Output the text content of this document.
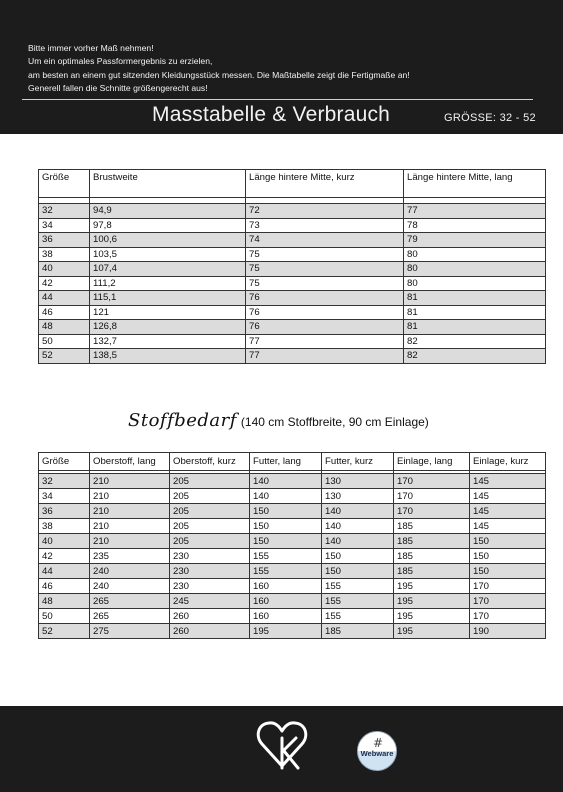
Bitte immer vorher Maß nehmen!
Um ein optimales Passformergebnis zu erzielen,
am besten an einem gut sitzenden Kleidungsstück messen. Die Maßtabelle zeigt die Fertigmaße an!
Generell fallen die Schnitte größengerecht aus!
Masstabelle & Verbrauch	GRÖSSE: 32 - 52
Größe	Brustweite	Länge hintere Mitte, kurz	Länge hintere Mitte, lang

32	94,9	72	77
34	97,8	73	78
36	100,6	74	79
38	103,5	75	80
40	107,4	75	80
42	111,2	75	80
44	115,1	76	81
46	121	76	81
48	126,8	76	81
50	132,7	77	82
52	138,5	77	82
Stoffbedarf (140 cm Stoffbreite, 90 cm Einlage)
Größe	Oberstoff, lang	Oberstoff, kurz	Futter, lang	Futter, kurz	Einlage, lang	Einlage, kurz

32	210	205	140	130	170	145
34	210	205	140	130	170	145
36	210	205	150	140	170	145
38	210	205	150	140	185	145
40	210	205	150	140	185	150
42	235	230	155	150	185	150
44	240	230	155	150	185	150
46	240	230	160	155	195	170
48	265	245	160	155	195	170
50	265	260	160	155	195	170
52	275	260	195	185	195	190
#
Webware
